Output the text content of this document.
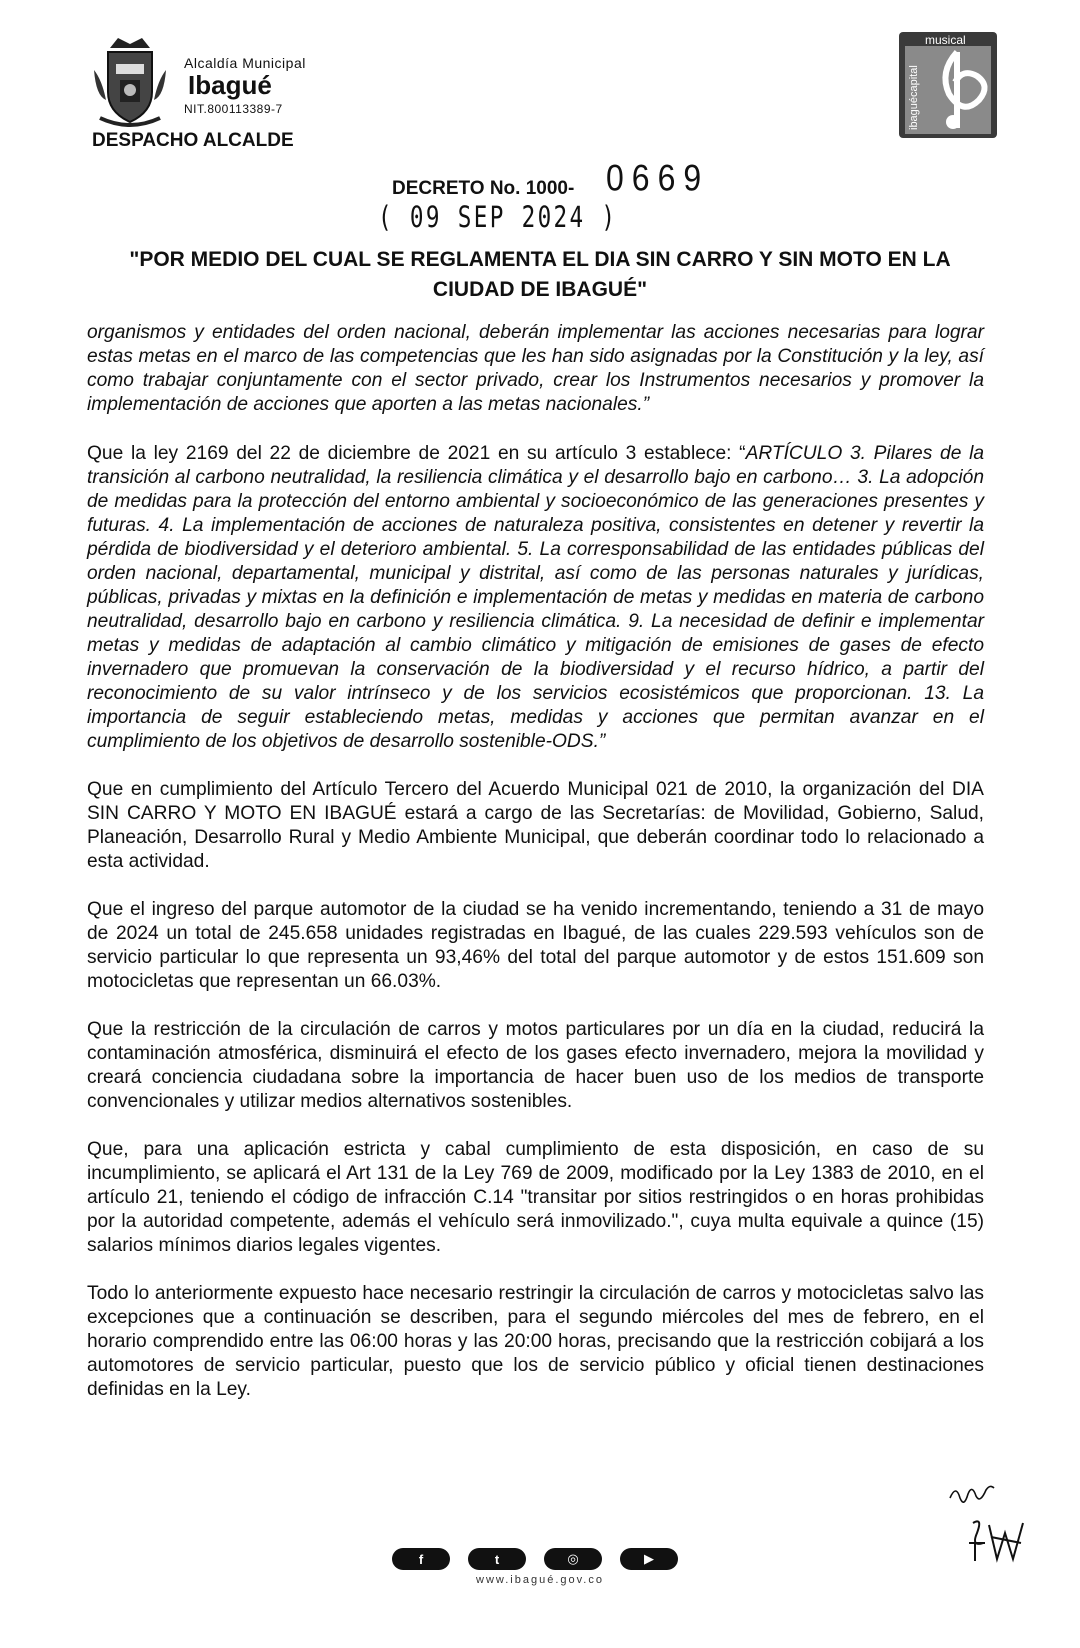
Alcaldía Municipal
Ibagué
NIT.800113389-7
DESPACHO ALCALDE
musical
ibaguécapital
DECRETO No. 1000- 0669
( 09 SEP 2024 )
"POR MEDIO DEL CUAL SE REGLAMENTA EL DIA SIN CARRO Y SIN MOTO EN LA CIUDAD DE IBAGUÉ"

organismos y entidades del orden nacional, deberán implementar las acciones necesarias para lograr estas metas en el marco de las competencias que les han sido asignadas por la Constitución y la ley, así como trabajar conjuntamente con el sector privado, crear los Instrumentos necesarios y promover la implementación de acciones que aporten a las metas nacionales.”

Que la ley 2169 del 22 de diciembre de 2021 en su artículo 3 establece: “ARTÍCULO 3. Pilares de la transición al carbono neutralidad, la resiliencia climática y el desarrollo bajo en carbono… 3. La adopción de medidas para la protección del entorno ambiental y socioeconómico de las generaciones presentes y futuras. 4. La implementación de acciones de naturaleza positiva, consistentes en detener y revertir la pérdida de biodiversidad y el deterioro ambiental. 5. La corresponsabilidad de las entidades públicas del orden nacional, departamental, municipal y distrital, así como de las personas naturales y jurídicas, públicas, privadas y mixtas en la definición e implementación de metas y medidas en materia de carbono neutralidad, desarrollo bajo en carbono y resiliencia climática. 9. La necesidad de definir e implementar metas y medidas de adaptación al cambio climático y mitigación de emisiones de gases de efecto invernadero que promuevan la conservación de la biodiversidad y el recurso hídrico, a partir del reconocimiento de su valor intrínseco y de los servicios ecosistémicos que proporcionan. 13. La importancia de seguir estableciendo metas, medidas y acciones que permitan avanzar en el cumplimiento de los objetivos de desarrollo sostenible-ODS.”

Que en cumplimiento del Artículo Tercero del Acuerdo Municipal 021 de 2010, la organización del DIA SIN CARRO Y MOTO EN IBAGUÉ estará a cargo de las Secretarías: de Movilidad, Gobierno, Salud, Planeación, Desarrollo Rural y Medio Ambiente Municipal, que deberán coordinar todo lo relacionado a esta actividad.

Que el ingreso del parque automotor de la ciudad se ha venido incrementando, teniendo a 31 de mayo de 2024 un total de 245.658 unidades registradas en Ibagué, de las cuales 229.593 vehículos son de servicio particular lo que representa un 93,46% del total del parque automotor y de estos 151.609 son motocicletas que representan un 66.03%.

Que la restricción de la circulación de carros y motos particulares por un día en la ciudad, reducirá la contaminación atmosférica, disminuirá el efecto de los gases efecto invernadero, mejora la movilidad y creará conciencia ciudadana sobre la importancia de hacer buen uso de los medios de transporte convencionales y utilizar medios alternativos sostenibles.

Que, para una aplicación estricta y cabal cumplimiento de esta disposición, en caso de su incumplimiento, se aplicará el Art 131 de la Ley 769 de 2009, modificado por la Ley 1383 de 2010, en el artículo 21, teniendo el código de infracción C.14 "transitar por sitios restringidos o en horas prohibidas por la autoridad competente, además el vehículo será inmovilizado.", cuya multa equivale a quince (15) salarios mínimos diarios legales vigentes.

Todo lo anteriormente expuesto hace necesario restringir la circulación de carros y motocicletas salvo las excepciones que a continuación se describen, para el segundo miércoles del mes de febrero, en el horario comprendido entre las 06:00 horas y las 20:00 horas, precisando que la restricción cobijará a los automotores de servicio particular, puesto que los de servicio público y oficial tienen destinaciones definidas en la Ley.

f	t	◎	▶
www.ibagué.gov.co
